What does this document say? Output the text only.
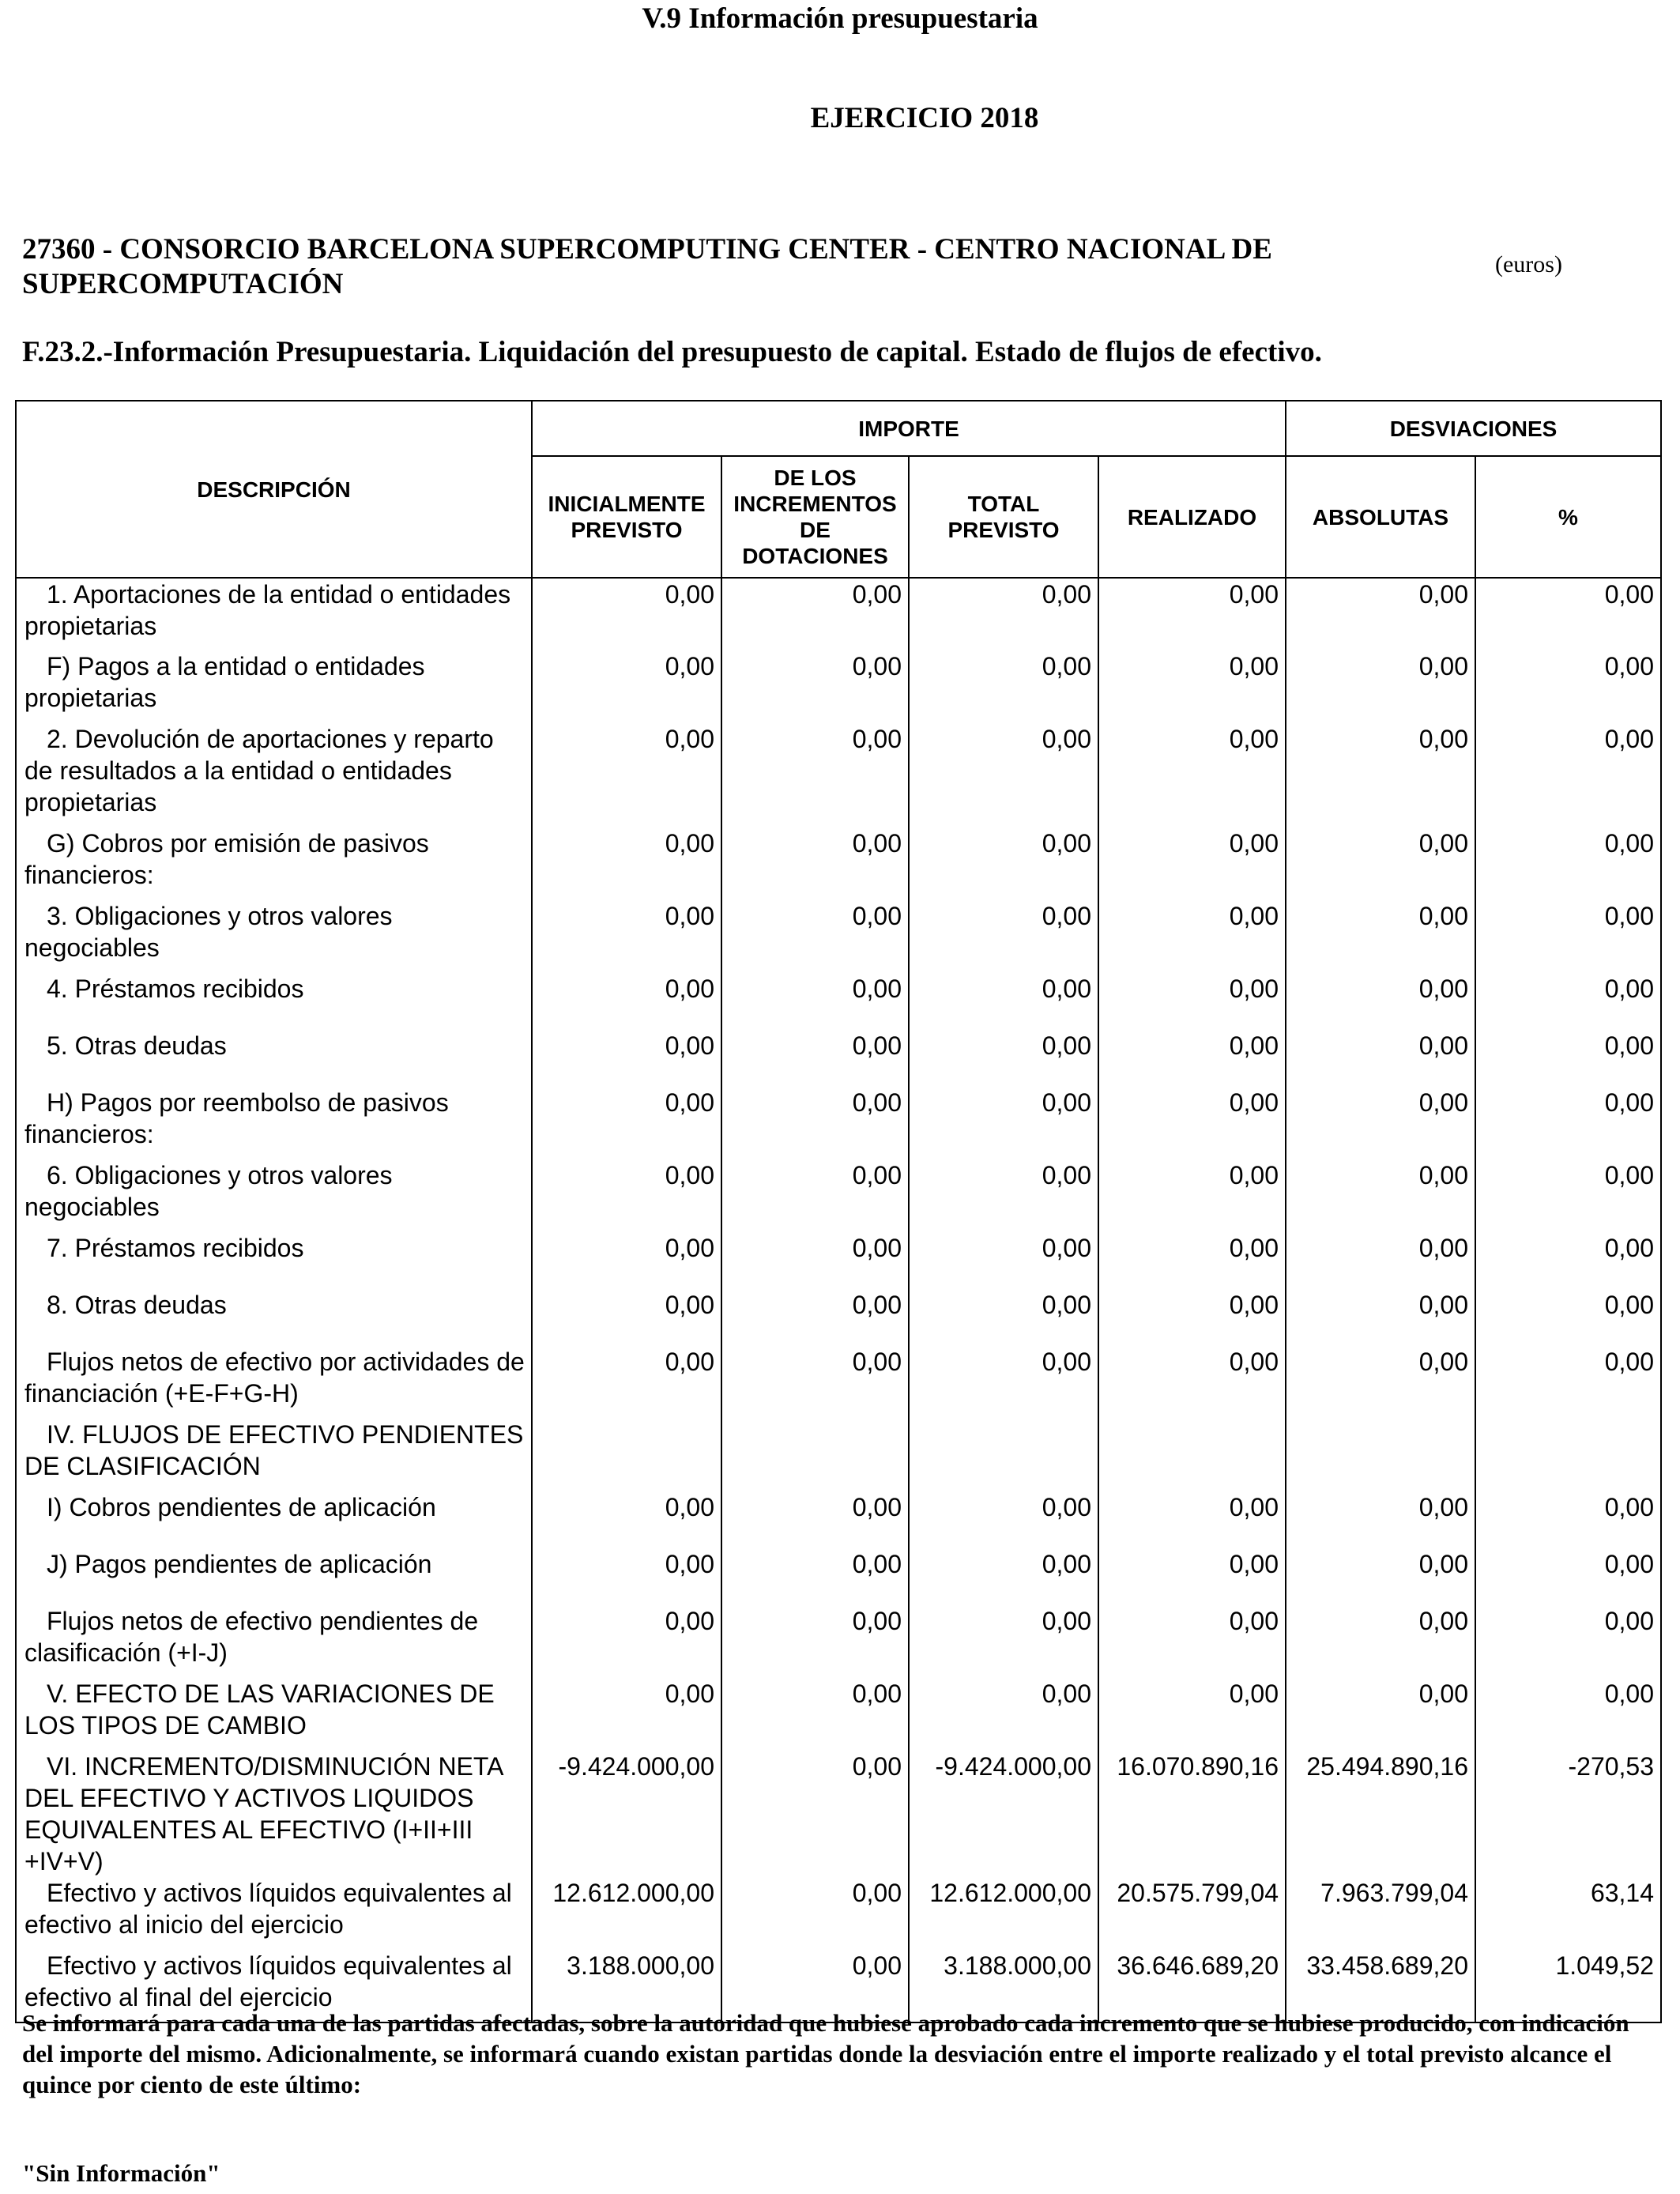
V.9 Información presupuestaria
EJERCICIO 2018
27360 - CONSORCIO BARCELONA SUPERCOMPUTING CENTER - CENTRO NACIONAL DE SUPERCOMPUTACIÓN
(euros)
F.23.2.-Información Presupuestaria. Liquidación del presupuesto de capital. Estado de flujos de efectivo.
DESCRIPCIÓN	IMPORTE				DESVIACIONES	
	INICIALMENTE PREVISTO	DE LOS INCREMENTOS DE DOTACIONES	TOTAL PREVISTO	REALIZADO	ABSOLUTAS	%
1. Aportaciones de la entidad o entidades propietarias	0,00	0,00	0,00	0,00	0,00	0,00
F) Pagos a la entidad o entidades propietarias	0,00	0,00	0,00	0,00	0,00	0,00
2. Devolución de aportaciones y reparto de resultados a la entidad o entidades propietarias	0,00	0,00	0,00	0,00	0,00	0,00
G) Cobros por emisión de pasivos financieros:	0,00	0,00	0,00	0,00	0,00	0,00
3. Obligaciones y otros valores negociables	0,00	0,00	0,00	0,00	0,00	0,00
4. Préstamos recibidos	0,00	0,00	0,00	0,00	0,00	0,00
5. Otras deudas	0,00	0,00	0,00	0,00	0,00	0,00
H) Pagos por reembolso de pasivos financieros:	0,00	0,00	0,00	0,00	0,00	0,00
6. Obligaciones y otros valores negociables	0,00	0,00	0,00	0,00	0,00	0,00
7. Préstamos recibidos	0,00	0,00	0,00	0,00	0,00	0,00
8. Otras deudas	0,00	0,00	0,00	0,00	0,00	0,00
Flujos netos de efectivo por actividades de financiación (+E-F+G-H)	0,00	0,00	0,00	0,00	0,00	0,00
IV. FLUJOS DE EFECTIVO PENDIENTES DE CLASIFICACIÓN						
I) Cobros pendientes de aplicación	0,00	0,00	0,00	0,00	0,00	0,00
J) Pagos pendientes de aplicación	0,00	0,00	0,00	0,00	0,00	0,00
Flujos netos de efectivo pendientes de clasificación (+I-J)	0,00	0,00	0,00	0,00	0,00	0,00
V. EFECTO DE LAS VARIACIONES DE LOS TIPOS DE CAMBIO	0,00	0,00	0,00	0,00	0,00	0,00
VI. INCREMENTO/DISMINUCIÓN NETA DEL EFECTIVO Y ACTIVOS LIQUIDOS EQUIVALENTES AL EFECTIVO (I+II+III +IV+V)	-9.424.000,00	0,00	-9.424.000,00	16.070.890,16	25.494.890,16	-270,53
Efectivo y activos líquidos equivalentes al efectivo al inicio del ejercicio	12.612.000,00	0,00	12.612.000,00	20.575.799,04	7.963.799,04	63,14
Efectivo y activos líquidos equivalentes al efectivo al final del ejercicio	3.188.000,00	0,00	3.188.000,00	36.646.689,20	33.458.689,20	1.049,52
Se informará para cada una de las partidas afectadas, sobre la autoridad que hubiese aprobado cada incremento que se hubiese producido, con indicación del importe del mismo. Adicionalmente, se informará cuando existan partidas donde la desviación entre el importe realizado y el total previsto alcance el quince por ciento de este último:
"Sin Información"
